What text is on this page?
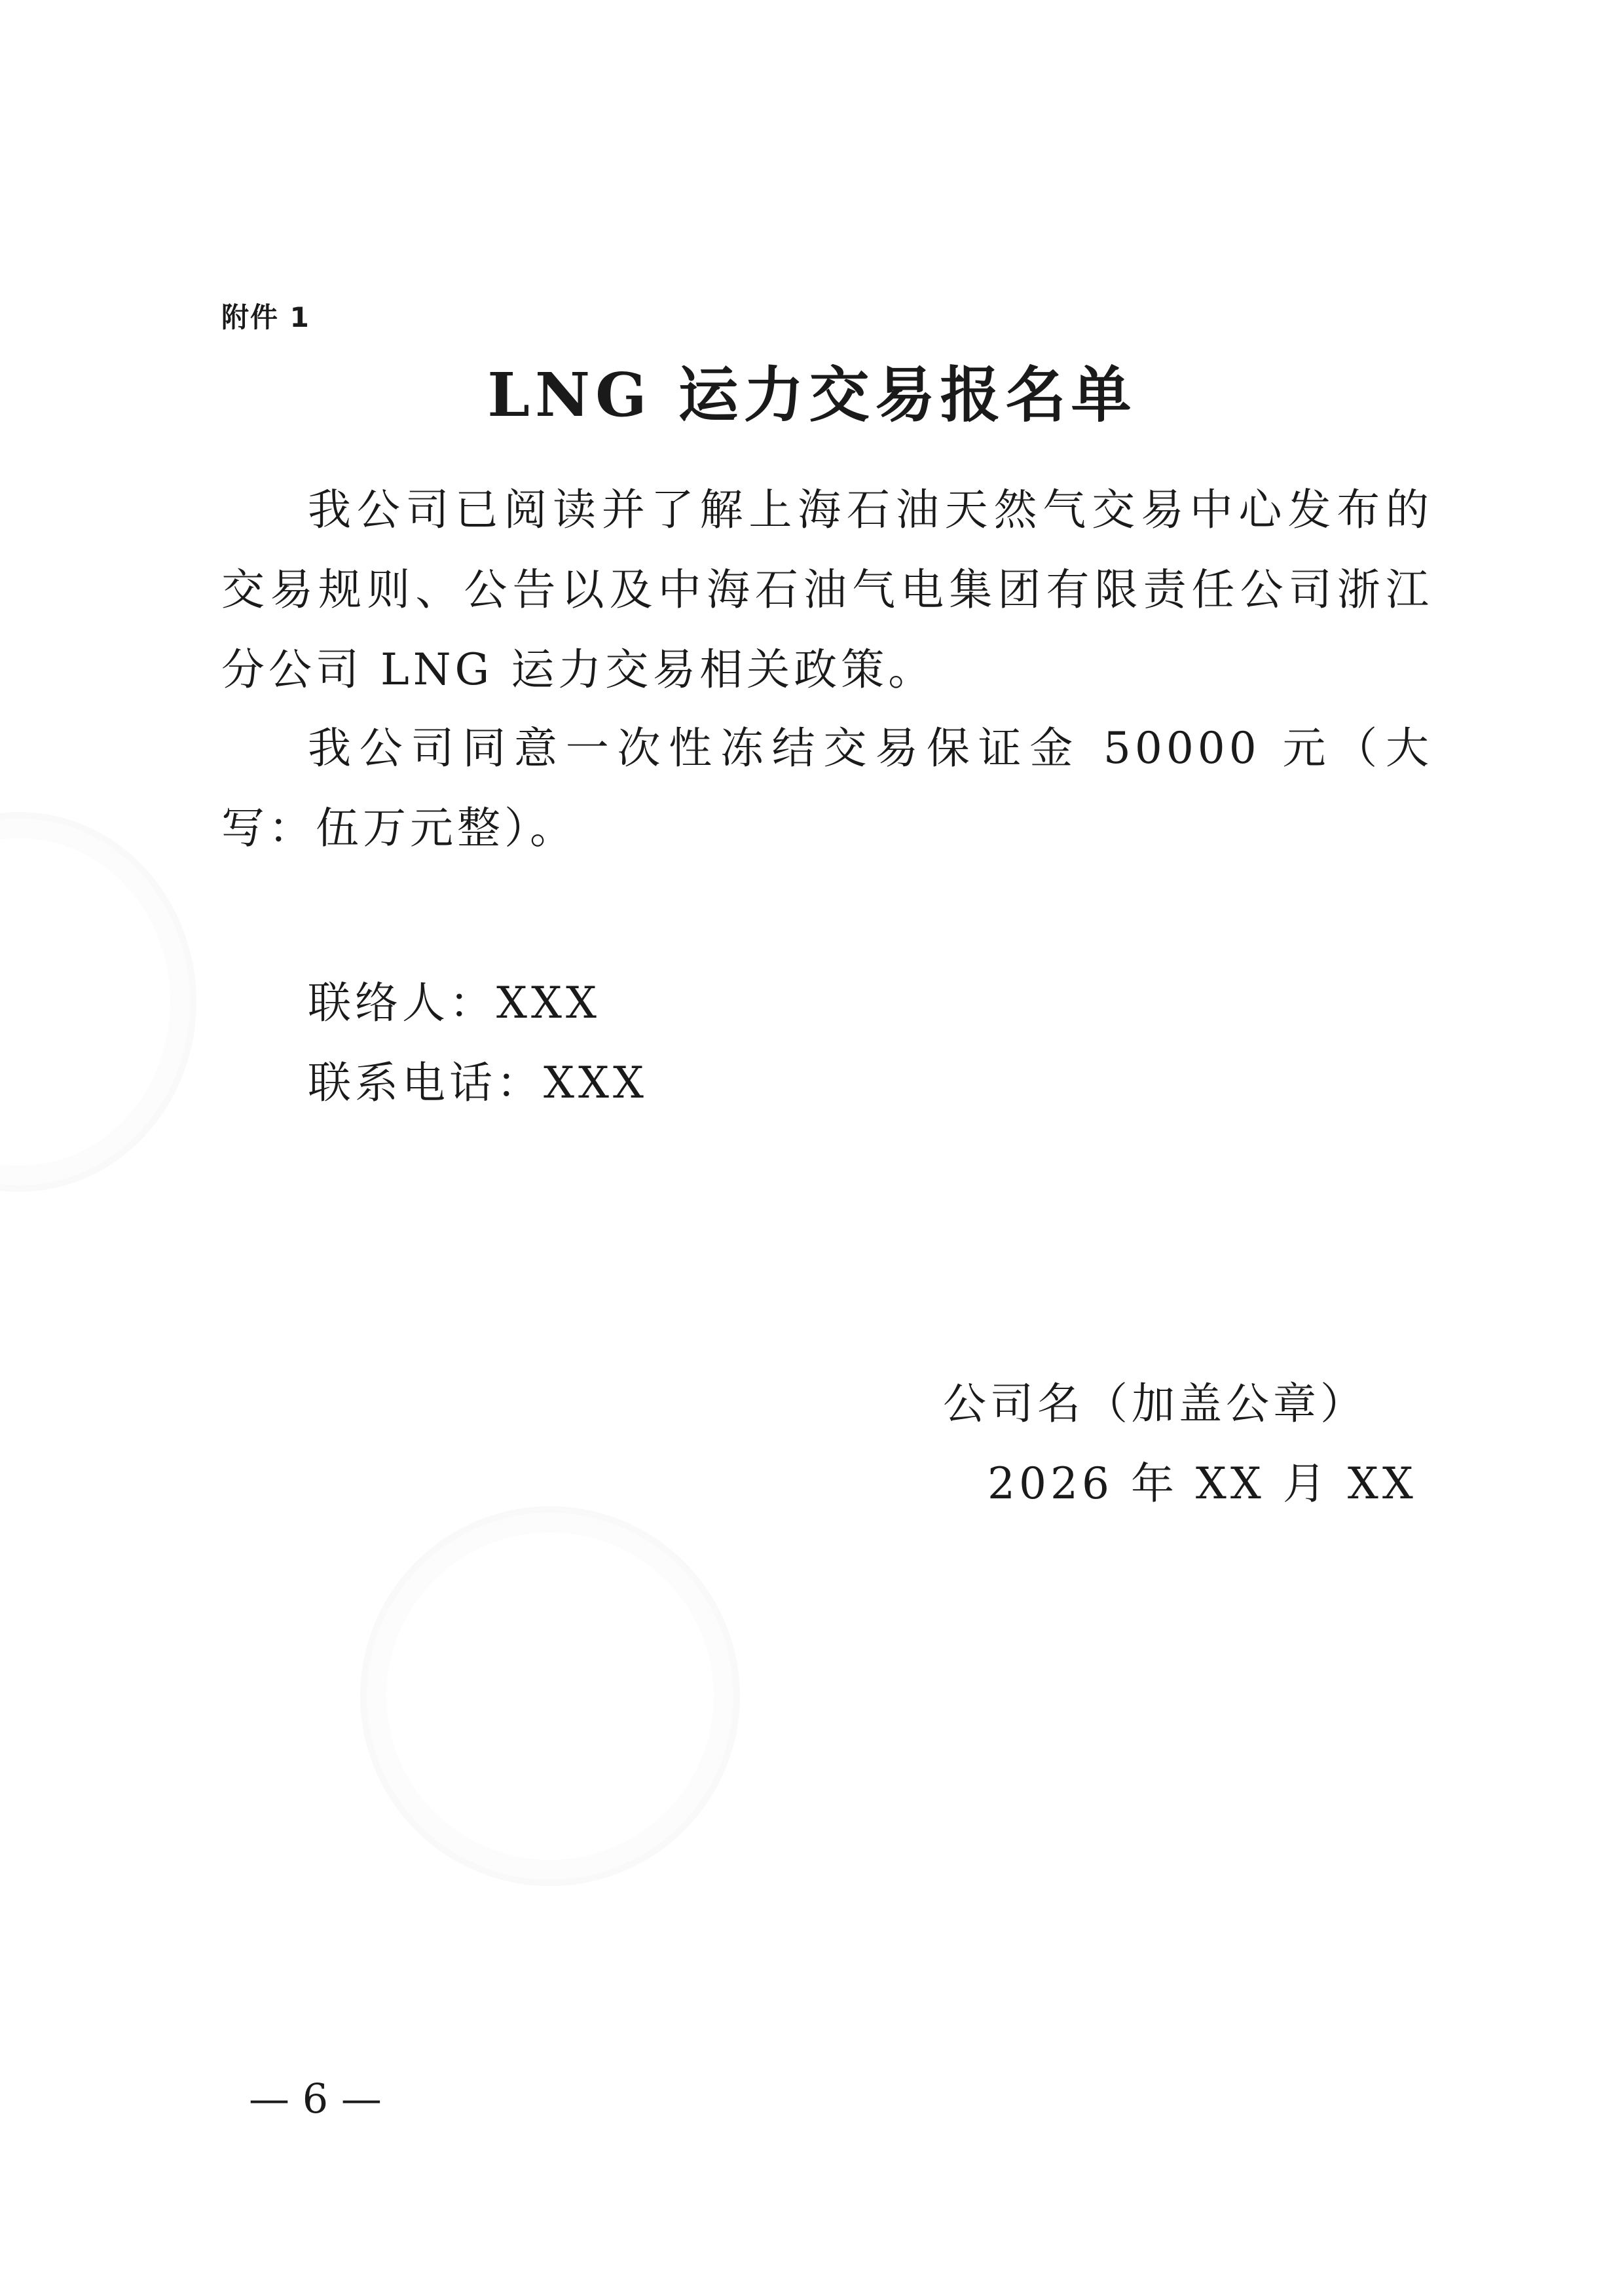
附件 1
LNG 运力交易报名单
我公司已阅读并了解上海石油天然气交易中心发布的交易规则、公告以及中海石油气电集团有限责任公司浙江分公司 LNG 运力交易相关政策。
我公司同意一次性冻结交易保证金 50000 元（大写：伍万元整）。
联络人：XXX
联系电话：XXX
公司名（加盖公章）
2026 年 XX 月 XX
— 6 —
